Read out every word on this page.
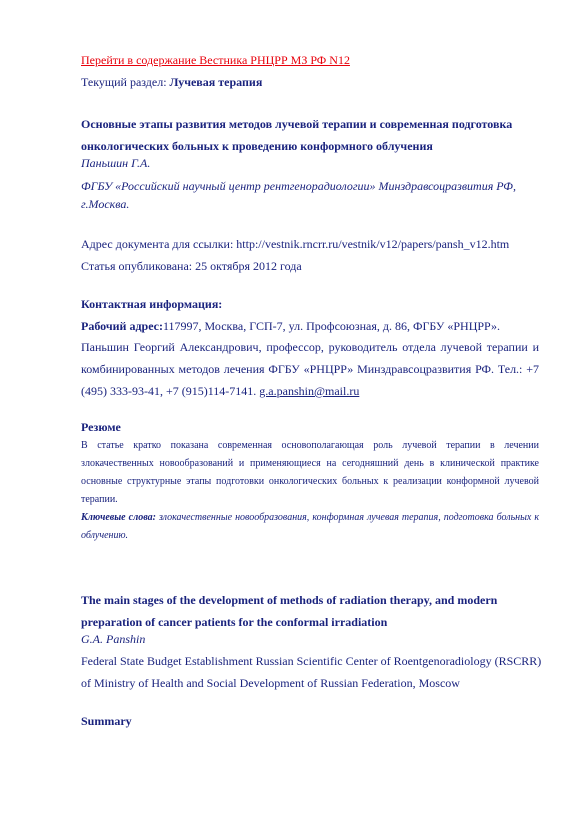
Перейти в содержание Вестника РНЦРР МЗ РФ N12
Текущий раздел: Лучевая терапия
Основные этапы развития методов лучевой терапии и современная подготовка
онкологических больных к проведению конформного облучения
Паньшин Г.А.
ФГБУ «Российский научный центр рентгенорадиологии» Минздравсоцразвития РФ,
г.Москва.
Адрес документа для ссылки: http://vestnik.rncrr.ru/vestnik/v12/papers/pansh_v12.htm
Статья опубликована: 25 октября 2012 года
Контактная информация:
Рабочий адрес:117997, Москва, ГСП-7, ул. Профсоюзная, д. 86, ФГБУ «РНЦРР».
Паньшин Георгий Александрович, профессор, руководитель отдела лучевой терапии и комбинированных методов лечения ФГБУ «РНЦРР» Минздравсоцразвития РФ. Тел.: +7 (495) 333-93-41, +7 (915)114-7141. g.a.panshin@mail.ru
Резюме
В статье кратко показана современная основополагающая роль лучевой терапии в лечении злокачественных новообразований и применяющиеся на сегодняшний день в клинической практике основные структурные этапы подготовки онкологических больных к реализации конформной лучевой терапии.
Ключевые слова: злокачественные новообразования, конформная лучевая терапия, подготовка больных к облучению.
The main stages of the development of methods of radiation therapy, and modern
preparation of cancer patients for the conformal irradiation
G.A. Panshin
Federal State Budget Establishment Russian Scientific Center of Roentgenoradiology (RSCRR)
of Ministry of Health and Social Development of Russian Federation, Moscow
Summary
